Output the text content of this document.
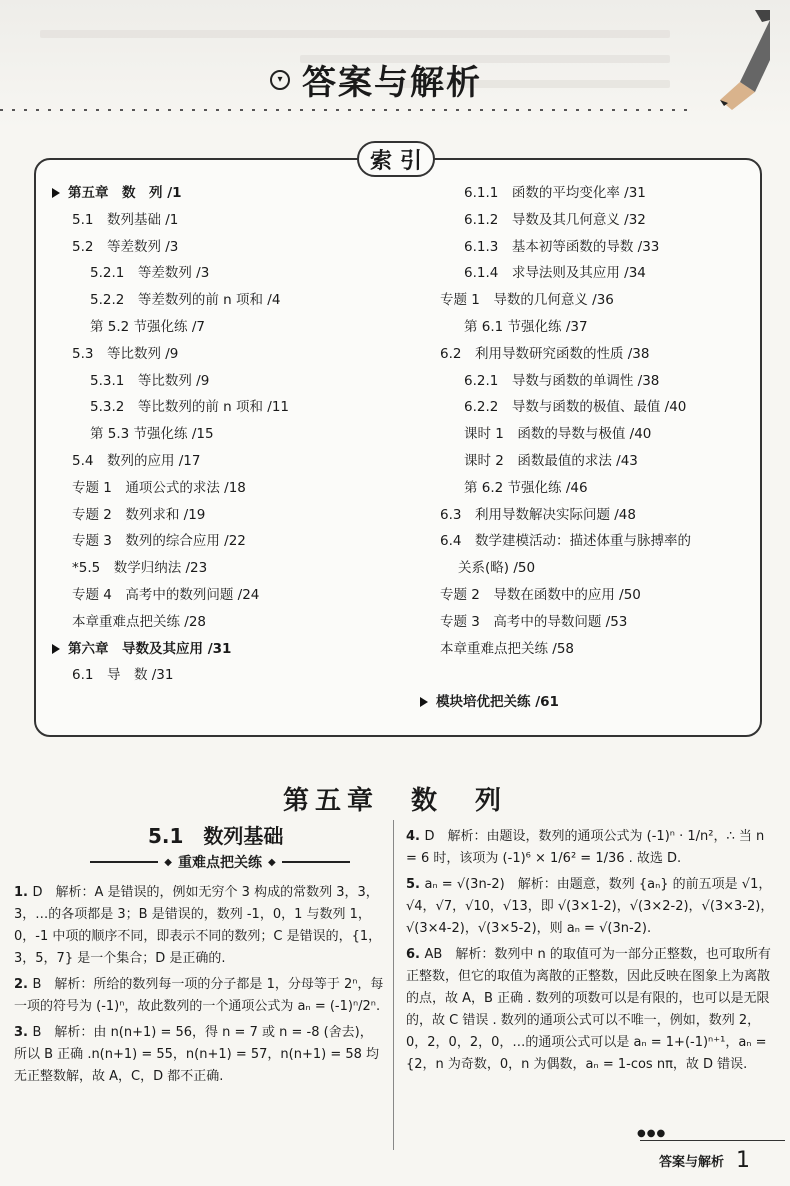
▾ 答案与解析
索引
第五章　数　列 /1
5.1　数列基础 /1
5.2　等差数列 /3
5.2.1　等差数列 /3
5.2.2　等差数列的前 n 项和 /4
第 5.2 节强化练 /7
5.3　等比数列 /9
5.3.1　等比数列 /9
5.3.2　等比数列的前 n 项和 /11
第 5.3 节强化练 /15
5.4　数列的应用 /17
专题 1　通项公式的求法 /18
专题 2　数列求和 /19
专题 3　数列的综合应用 /22
*5.5　数学归纳法 /23
专题 4　高考中的数列问题 /24
本章重难点把关练 /28
第六章　导数及其应用 /31
6.1　导　数 /31
6.1.1　函数的平均变化率 /31
6.1.2　导数及其几何意义 /32
6.1.3　基本初等函数的导数 /33
6.1.4　求导法则及其应用 /34
专题 1　导数的几何意义 /36
第 6.1 节强化练 /37
6.2　利用导数研究函数的性质 /38
6.2.1　导数与函数的单调性 /38
6.2.2　导数与函数的极值、最值 /40
课时 1　函数的导数与极值 /40
课时 2　函数最值的求法 /43
第 6.2 节强化练 /46
6.3　利用导数解决实际问题 /48
6.4　数学建模活动：描述体重与脉搏率的
关系(略) /50
专题 2　导数在函数中的应用 /50
专题 3　高考中的导数问题 /53
本章重难点把关练 /58
模块培优把关练 /61
第五章　数　列
5.1　数列基础
◆ 重难点把关练 ◆
1. D　解析：A 是错误的，例如无穷个 3 构成的常数列 3，3，3，…的各项都是 3；B 是错误的，数列 -1，0，1 与数列 1，0，-1 中项的顺序不同，即表示不同的数列；C 是错误的，{1，3，5，7} 是一个集合；D 是正确的.
2. B　解析：所给的数列每一项的分子都是 1，分母等于 2ⁿ，每一项的符号为 (-1)ⁿ，故此数列的一个通项公式为 aₙ = (-1)ⁿ/2ⁿ.
3. B　解析：由 n(n+1) = 56，得 n = 7 或 n = -8 (舍去)，所以 B 正确 .n(n+1) = 55，n(n+1) = 57，n(n+1) = 58 均无正整数解，故 A，C，D 都不正确.
4. D　解析：由题设，数列的通项公式为 (-1)ⁿ · 1/n²，∴ 当 n = 6 时，该项为 (-1)⁶ × 1/6² = 1/36 . 故选 D.
5. aₙ = √(3n-2)　解析：由题意，数列 {aₙ} 的前五项是 √1，√4，√7，√10，√13，即 √(3×1-2)，√(3×2-2)，√(3×3-2)，√(3×4-2)，√(3×5-2)，则 aₙ = √(3n-2).
6. AB　解析：数列中 n 的取值可为一部分正整数，也可取所有正整数，但它的取值为离散的正整数，因此反映在图象上为离散的点，故 A，B 正确 . 数列的项数可以是有限的，也可以是无限的，故 C 错误 . 数列的通项公式可以不唯一，例如，数列 2，0，2，0，2，0，…的通项公式可以是 aₙ = 1+(-1)ⁿ⁺¹，aₙ = {2，n 为奇数，0，n 为偶数，aₙ = 1-cos nπ，故 D 错误.
●●●
答案与解析 1
